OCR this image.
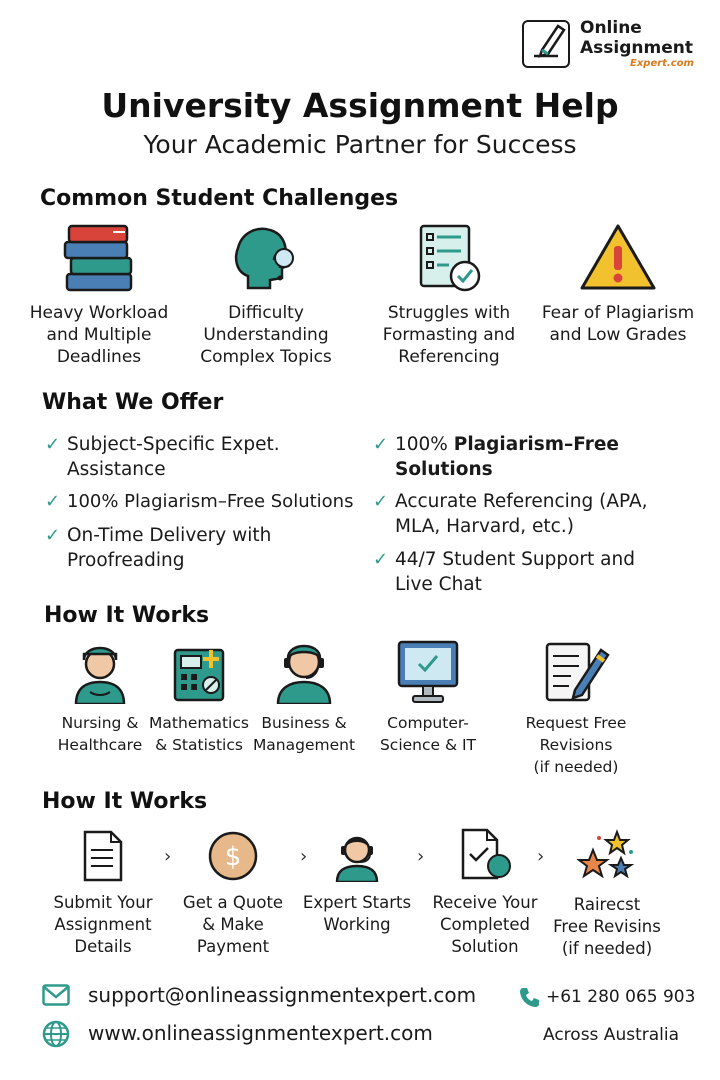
Online
Assignment
Expert.com
University Assignment Help
Your Academic Partner for Success
Common Student Challenges
Heavy Workload
and Multiple
Deadlines
Difficulty
Understanding
Complex Topics
Struggles with
Formasting and
Referencing
Fear of Plagiarism
and Low Grades
What We Offer
✓ Subject-Specific Expet.
Assistance
✓ 100% Plagiarism–Free Solutions
✓ On-Time Delivery with
Proofreading
✓ 100% Plagiarism–Free
Solutions
✓ Accurate Referencing (APA,
MLA, Harvard, etc.)
✓ 44/7 Student Support and
Live Chat
How It Works
Nursing &
Healthcare
Mathematics
& Statistics
Business &
Management
Computer-
Science & IT
Request Free
Revisions
(if needed)
How It Works
Submit Your
Assignment
Details
› $
Get a Quote
& Make Payment
›
Expert Starts
Working
›
Receive Your
Completed
Solution
›
Rairecst
Free Revisins
(if needed)
support@onlineassignmentexpert.com
www.onlineassignmentexpert.com
+61 280 065 903
Across Australia
